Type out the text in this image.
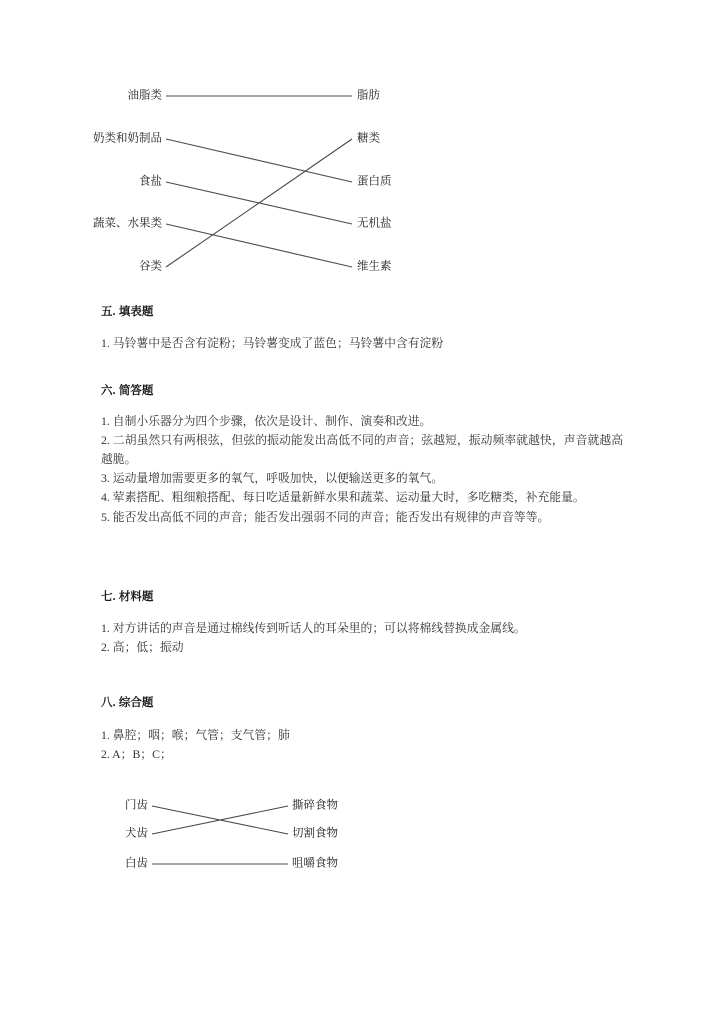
油脂类
奶类和奶制品
食盐
蔬菜、水果类
谷类
脂肪
糖类
蛋白质
无机盐
维生素
五. 填表题

1. 马铃薯中是否含有淀粉；马铃薯变成了蓝色；马铃薯中含有淀粉

六. 简答题

1. 自制小乐器分为四个步骤，依次是设计、制作、演奏和改进。

2. 二胡虽然只有两根弦，但弦的振动能发出高低不同的声音；弦越短，振动频率就越快，声音就越高越脆。

3. 运动量增加需要更多的氧气，呼吸加快，以便输送更多的氧气。

4. 荤素搭配、粗细粮搭配、每日吃适量新鲜水果和蔬菜、运动量大时，多吃糖类，补充能量。

5. 能否发出高低不同的声音；能否发出强弱不同的声音；能否发出有规律的声音等等。

七. 材料题

1. 对方讲话的声音是通过棉线传到听话人的耳朵里的；可以将棉线替换成金属线。

2. 高；低；振动

八. 综合题

1. 鼻腔；咽；喉；气管；支气管；肺

2. A；B；C；

门齿
犬齿
白齿
撕碎食物
切割食物
咀嚼食物
